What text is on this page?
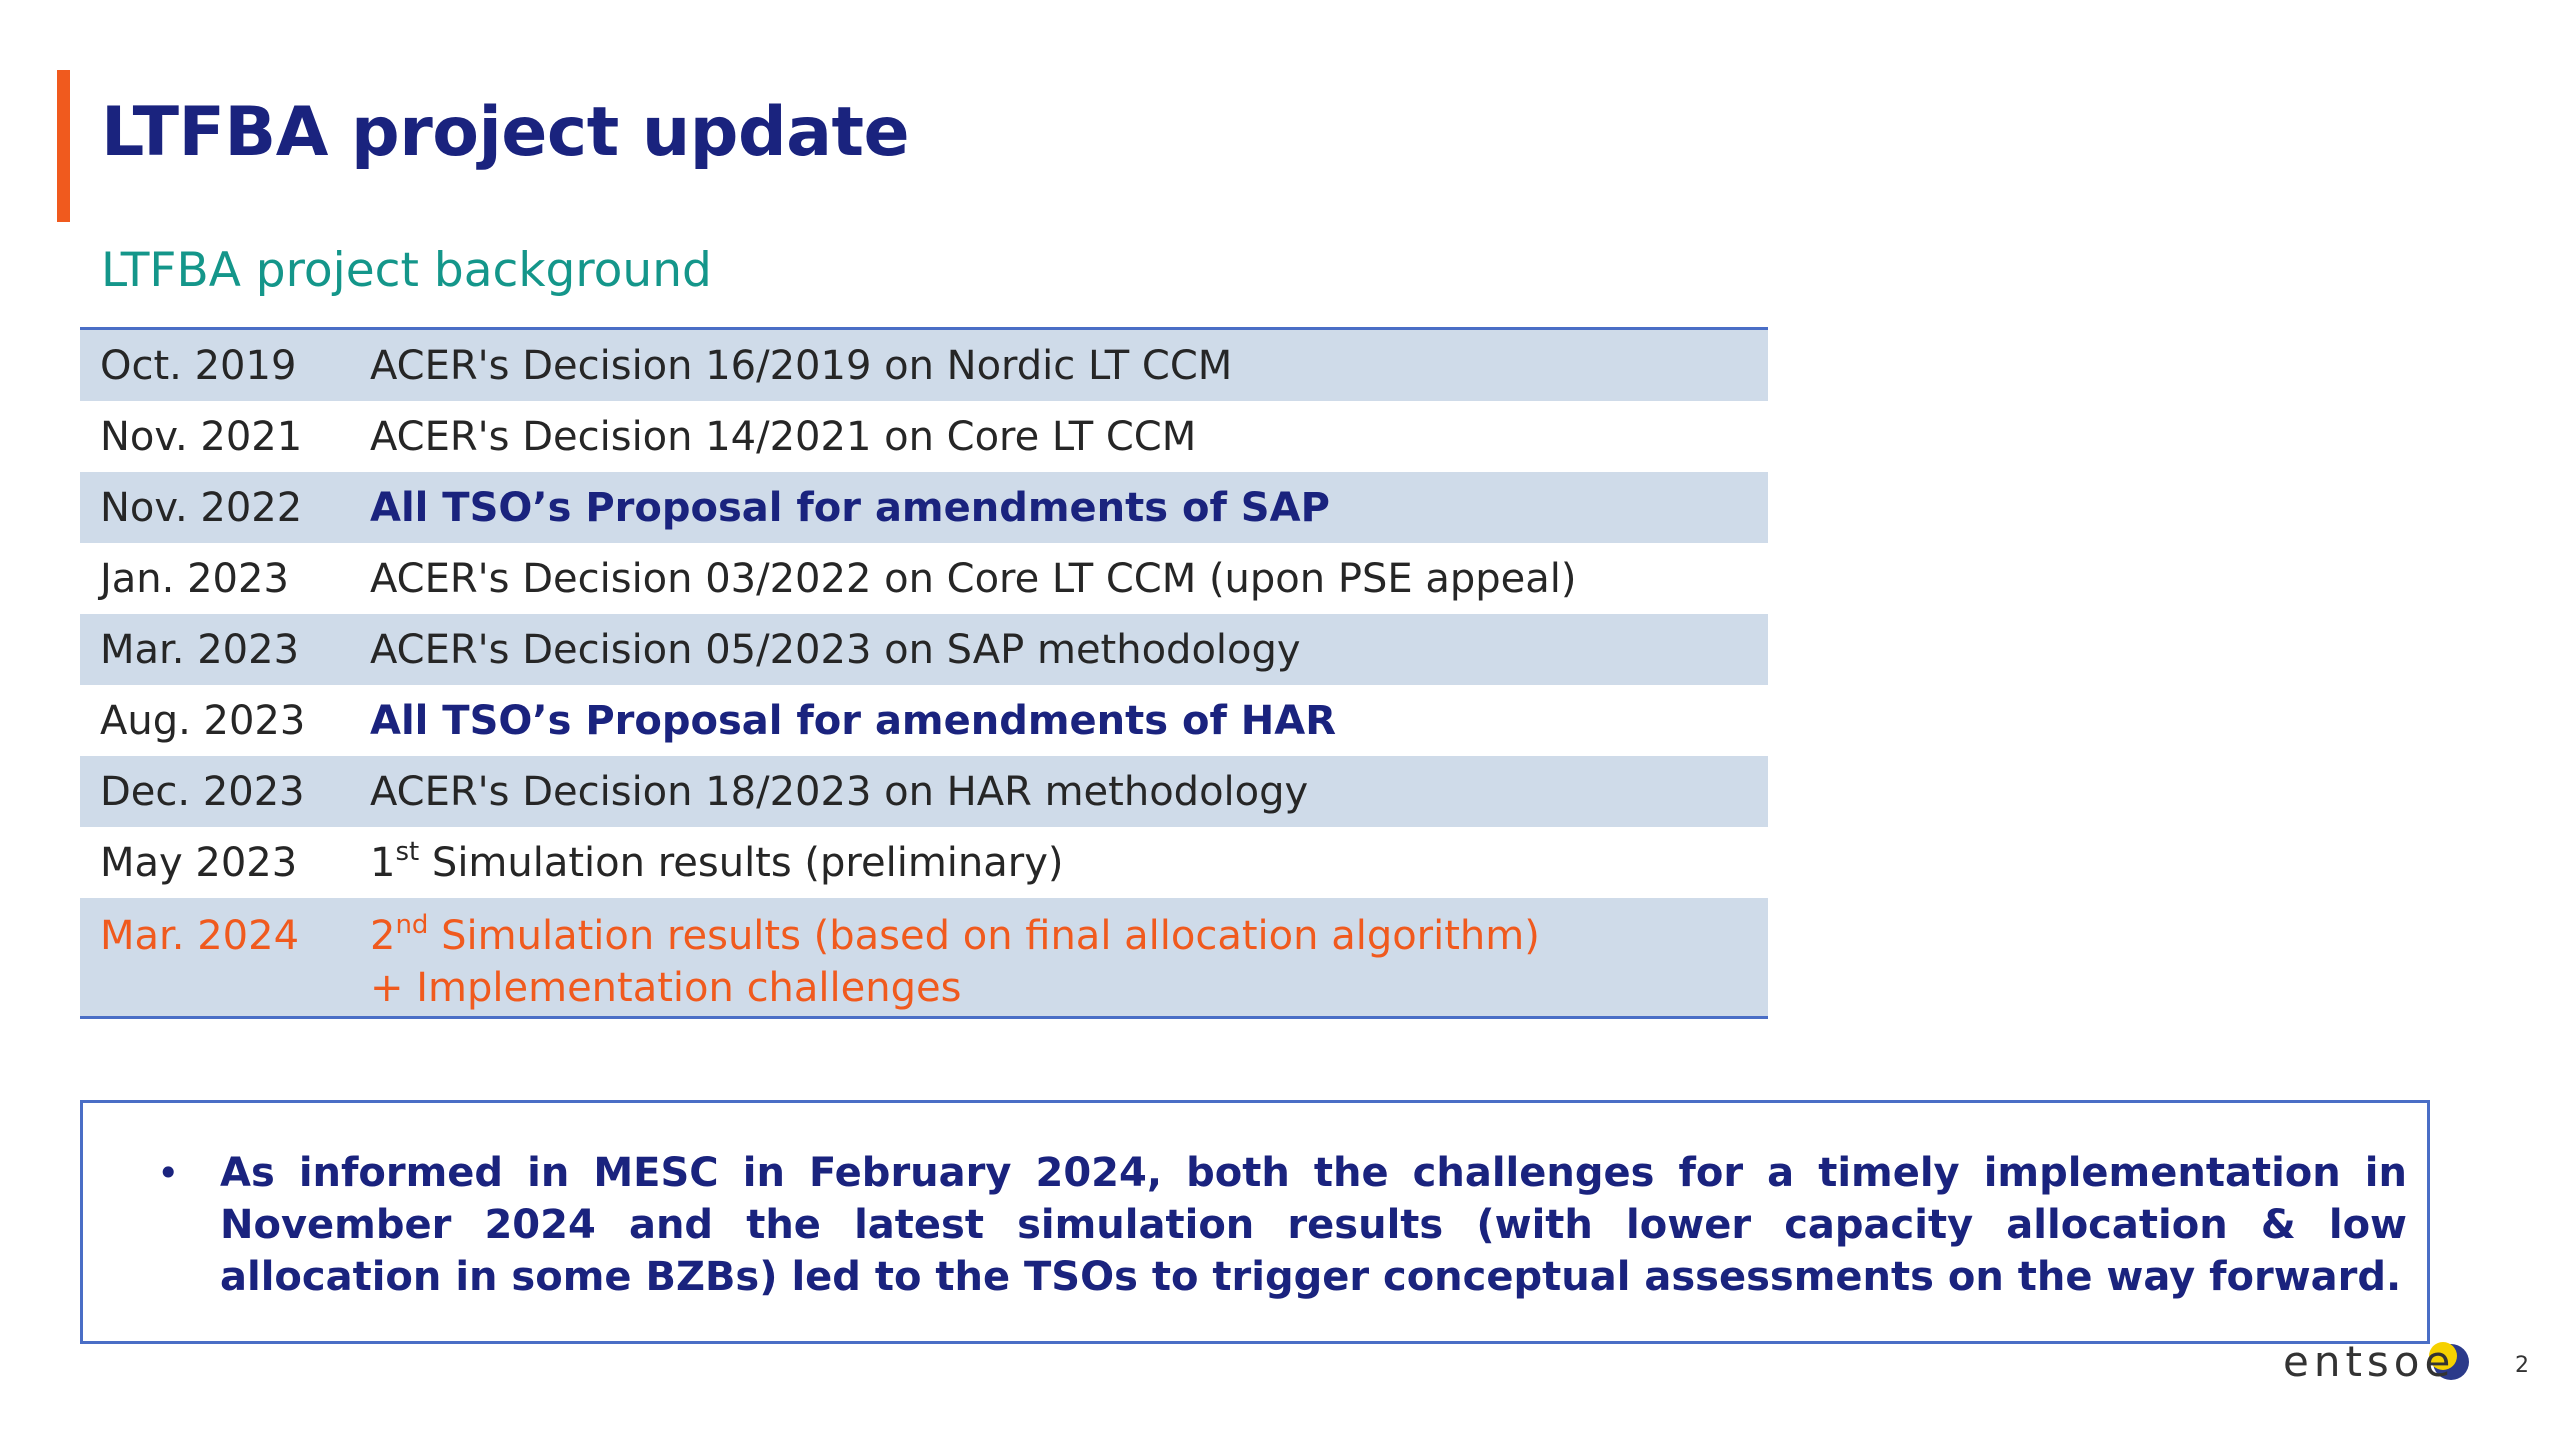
LTFBA project update
LTFBA project background
Oct. 2019	ACER's Decision 16/2019 on Nordic LT CCM
Nov. 2021	ACER's Decision 14/2021 on Core LT CCM
Nov. 2022	All TSO’s Proposal for amendments of SAP
Jan. 2023	ACER's Decision 03/2022 on Core LT CCM (upon PSE appeal)
Mar. 2023	ACER's Decision 05/2023 on SAP methodology
Aug. 2023	All TSO’s Proposal for amendments of HAR
Dec. 2023	ACER's Decision 18/2023 on HAR methodology
May 2023	1st Simulation results (preliminary)
Mar. 2024	2nd Simulation results (based on final allocation algorithm)
+ Implementation challenges
• As informed in MESC in February 2024, both the challenges for a timely implementation in November 2024 and the latest simulation results (with lower capacity allocation & low allocation in some BZBs) led to the TSOs to trigger conceptual assessments on the way forward.

entso
e	2
